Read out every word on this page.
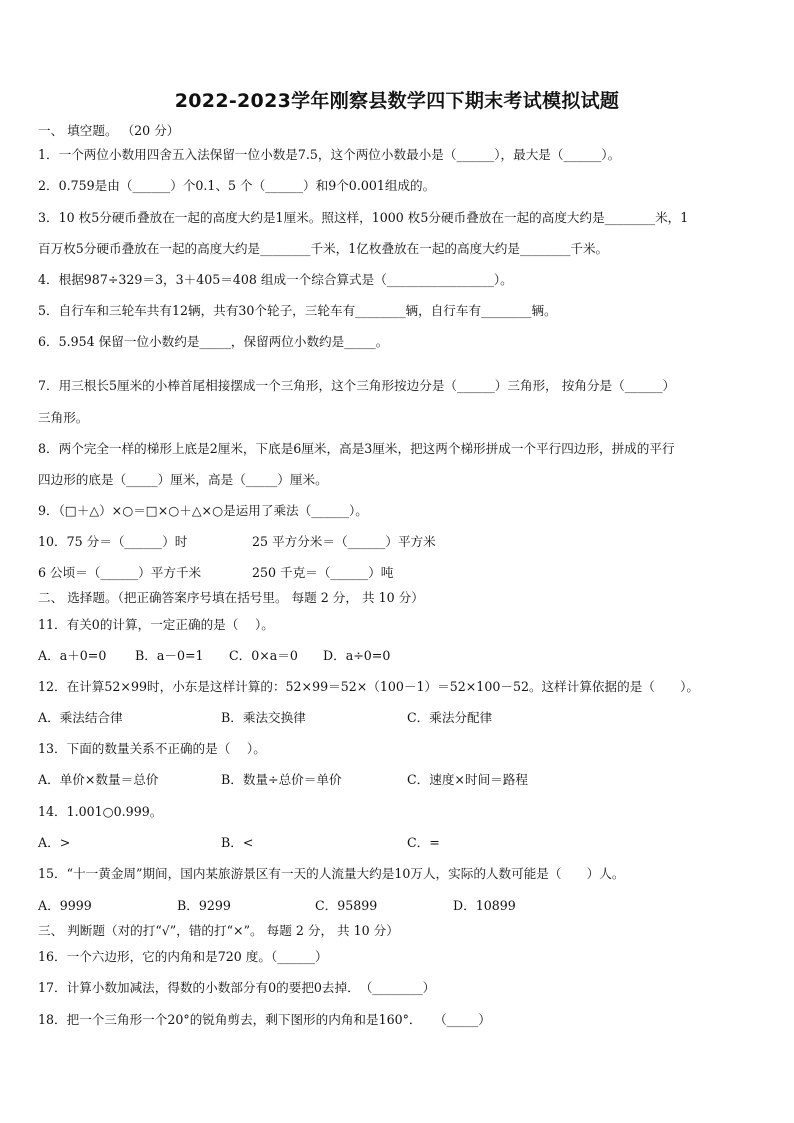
2022-2023学年刚察县数学四下期末考试模拟试题
一、 填空题。 （20 分）
1．一个两位小数用四舍五入法保留一位小数是7.5，这个两位小数最小是（______），最大是（______）。
2．0.759是由（______）个0.1、5 个（______）和9个0.001组成的。
3．10 枚5分硬币叠放在一起的高度大约是1厘米。照这样，1000 枚5分硬币叠放在一起的高度大约是________米，1
百万枚5分硬币叠放在一起的高度大约是________千米，1亿枚叠放在一起的高度大约是________千米。
4．根据987÷329＝3，3＋405＝408 组成一个综合算式是（_________________）。
5．自行车和三轮车共有12辆，共有30个轮子，三轮车有________辆，自行车有________辆。
6．5.954 保留一位小数约是_____，保留两位小数约是_____。
7．用三根长5厘米的小棒首尾相接摆成一个三角形，这个三角形按边分是（______）三角形， 按角分是（______）
三角形。
8．两个完全一样的梯形上底是2厘米，下底是6厘米，高是3厘米，把这两个梯形拼成一个平行四边形，拼成的平行
四边形的底是（_____）厘米，高是（_____）厘米。
9．（□＋△）×○＝□×○＋△×○是运用了乘法（______）。
10．75 分＝（______）时	25 平方分米＝（______）平方米
6 公顷＝（______）平方千米	250 千克＝（______）吨
二、 选择题。（把正确答案序号填在括号里。 每题 2 分， 共 10 分）
11．有关0的计算，一定正确的是（　 ）。
A．a＋0=0 B．a－0=1 C．0×a＝0 D．a÷0=0
12．在计算52×99时，小东是这样计算的：52×99＝52×（100－1）＝52×100－52。这样计算依据的是（　　）。
A．乘法结合律	B．乘法交换律	C．乘法分配律
13．下面的数量关系不正确的是（　 ）。
A．单价×数量＝总价	B．数量÷总价＝单价	C．速度×时间＝路程
14．1.001○0.999。
A．>	B．<	C．=
15．“十一黄金周”期间，国内某旅游景区有一天的人流量大约是10万人，实际的人数可能是（　　）人。
A．9999	B．9299	C．95899	D．10899
三、 判断题（对的打“√”，错的打“×”。 每题 2 分， 共 10 分）
16．一个六边形，它的内角和是720 度。（______）
17．计算小数加减法，得数的小数部分有0的要把0去掉．　（________）
18．把一个三角形一个20°的锐角剪去，剩下图形的内角和是160°．　　（_____）
